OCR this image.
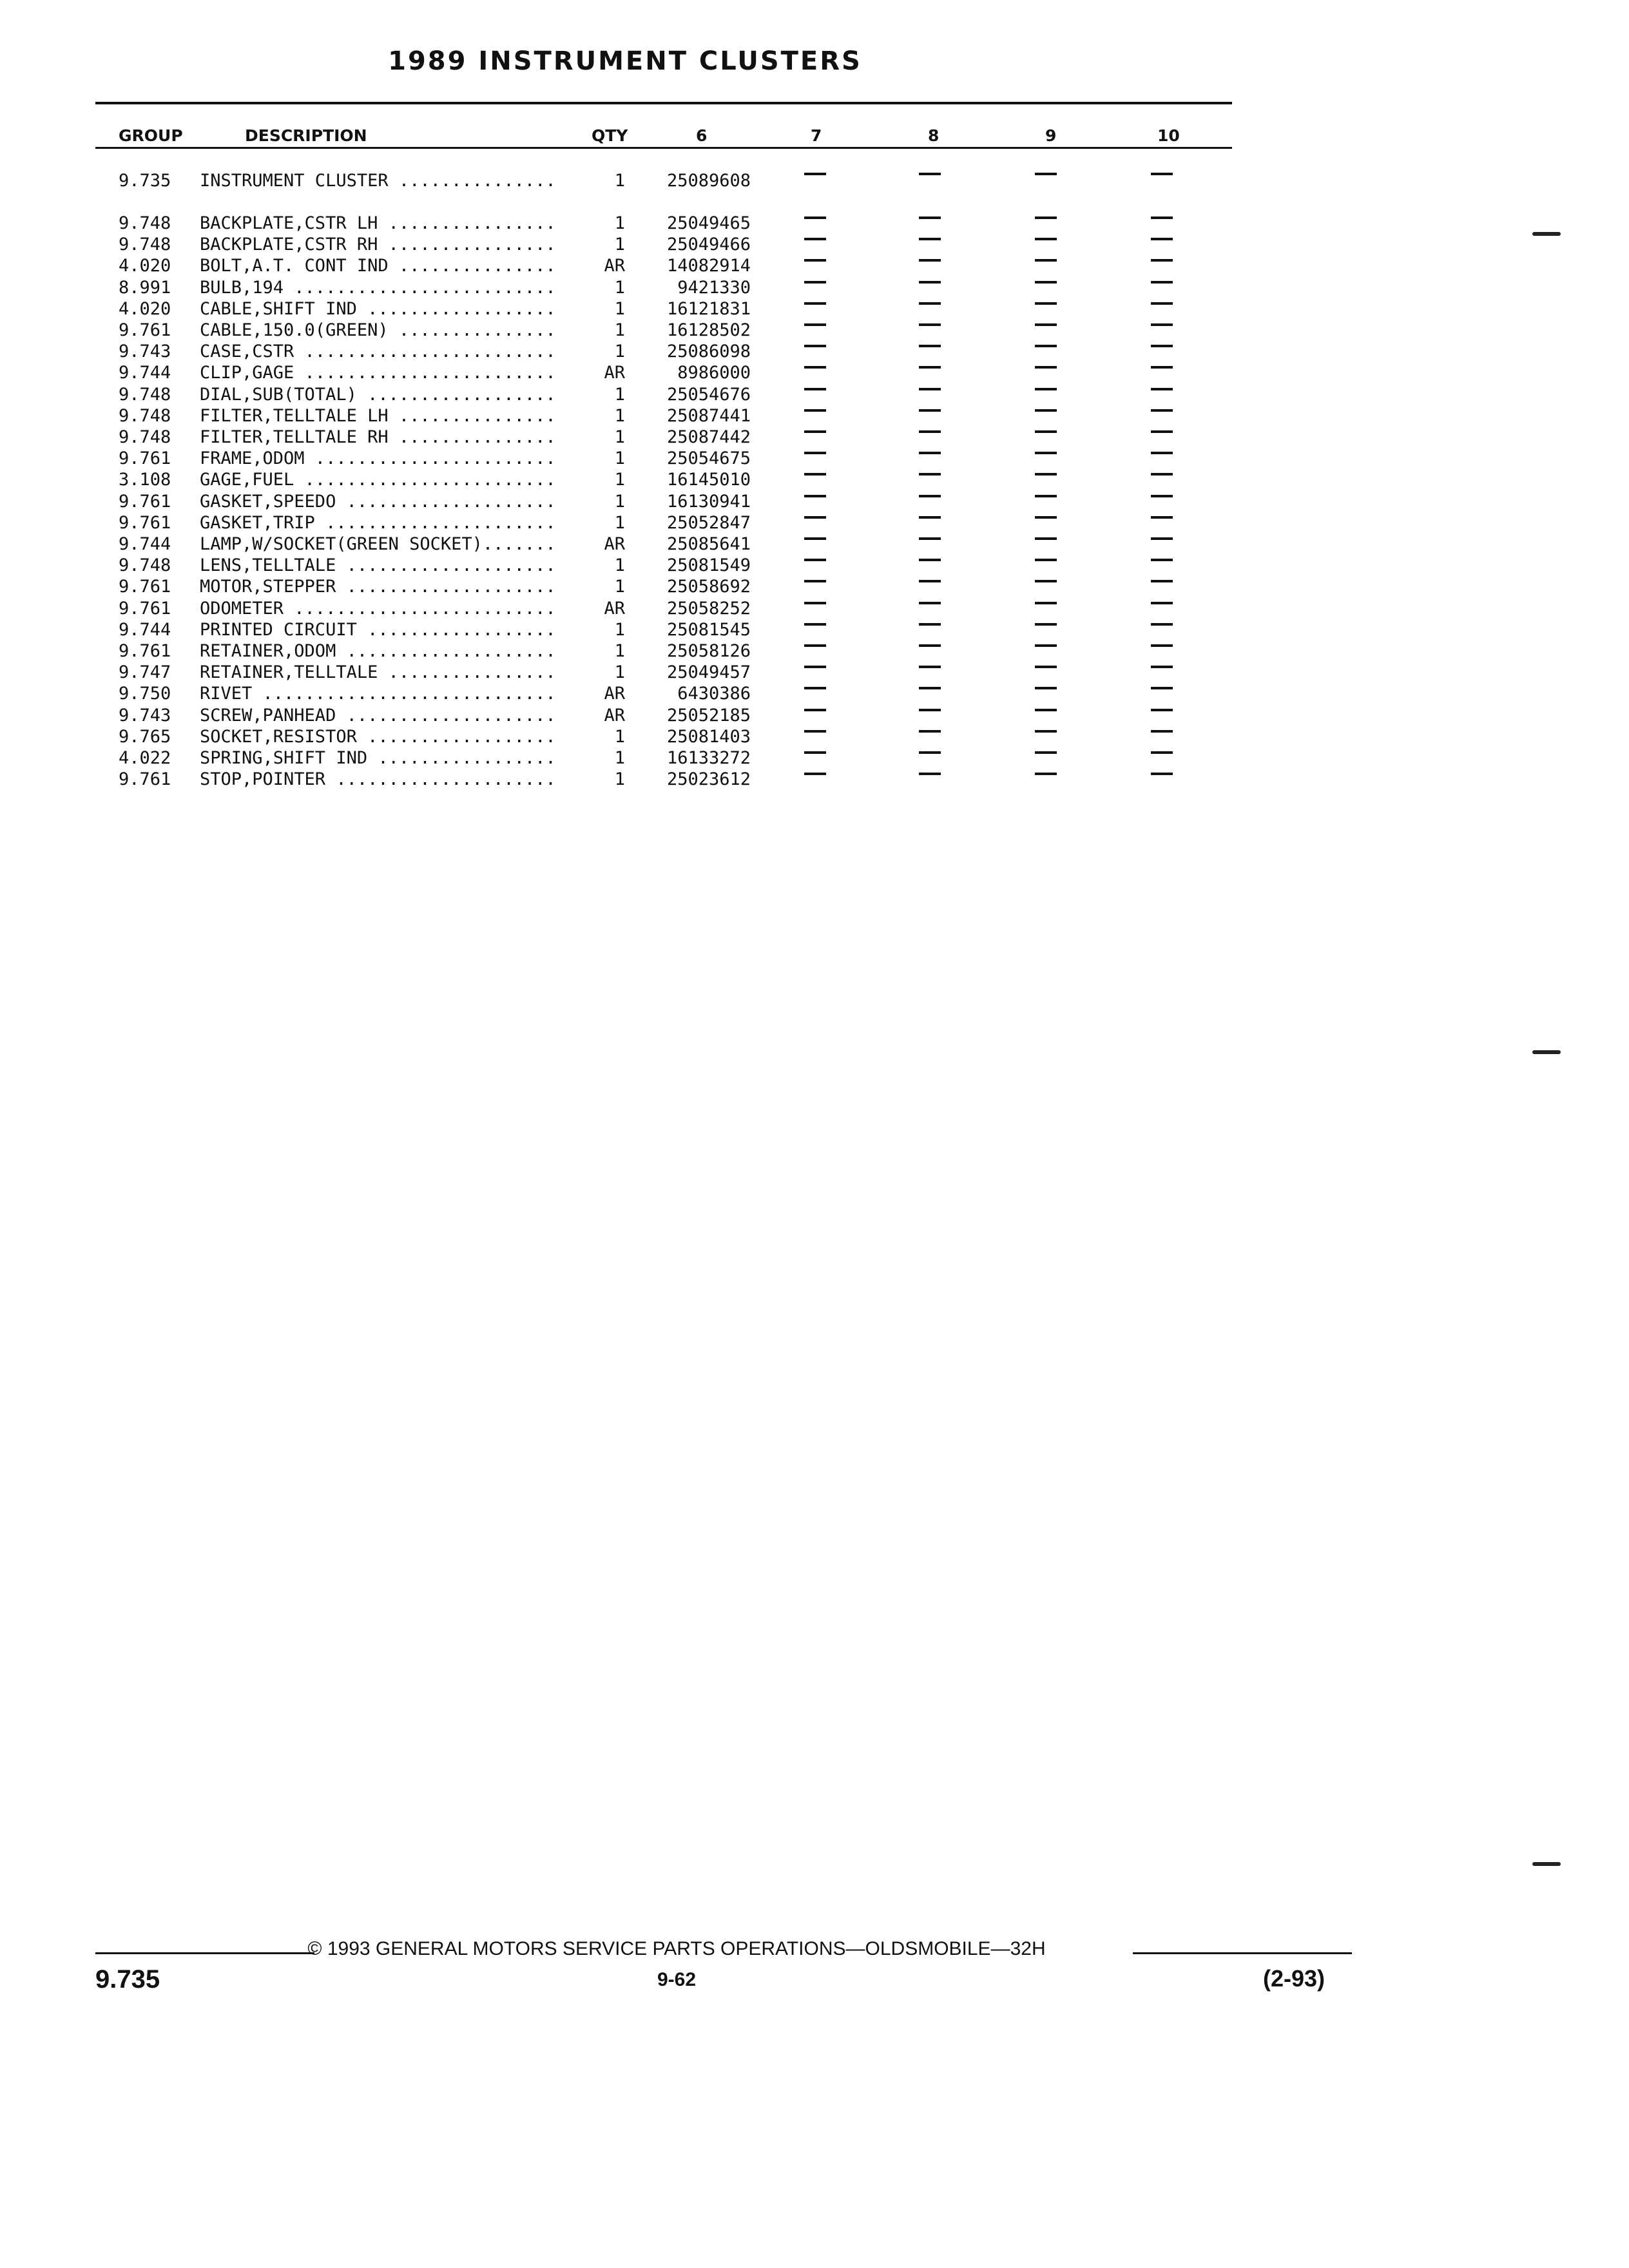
1989 INSTRUMENT CLUSTERS
GROUP	DESCRIPTION	QTY	6	7	8	9	10
9.735	INSTRUMENT CLUSTER ...............	1	25089608
9.748	BACKPLATE,CSTR LH ................	1	25049465
9.748	BACKPLATE,CSTR RH ................	1	25049466
4.020	BOLT,A.T. CONT IND ...............	AR	14082914
8.991	BULB,194 .........................	1	9421330
4.020	CABLE,SHIFT IND ..................	1	16121831
9.761	CABLE,150.0(GREEN) ...............	1	16128502
9.743	CASE,CSTR ........................	1	25086098
9.744	CLIP,GAGE ........................	AR	8986000
9.748	DIAL,SUB(TOTAL) ..................	1	25054676
9.748	FILTER,TELLTALE LH ...............	1	25087441
9.748	FILTER,TELLTALE RH ...............	1	25087442
9.761	FRAME,ODOM .......................	1	25054675
3.108	GAGE,FUEL ........................	1	16145010
9.761	GASKET,SPEEDO ....................	1	16130941
9.761	GASKET,TRIP ......................	1	25052847
9.744	LAMP,W/SOCKET(GREEN SOCKET).......	AR	25085641
9.748	LENS,TELLTALE ....................	1	25081549
9.761	MOTOR,STEPPER ....................	1	25058692
9.761	ODOMETER .........................	AR	25058252
9.744	PRINTED CIRCUIT ..................	1	25081545
9.761	RETAINER,ODOM ....................	1	25058126
9.747	RETAINER,TELLTALE ................	1	25049457
9.750	RIVET ............................	AR	6430386
9.743	SCREW,PANHEAD ....................	AR	25052185
9.765	SOCKET,RESISTOR ..................	1	25081403
4.022	SPRING,SHIFT IND .................	1	16133272
9.761	STOP,POINTER .....................	1	25023612
© 1993 GENERAL MOTORS SERVICE PARTS OPERATIONS—OLDSMOBILE—32H
9.735	9-62	(2-93)
